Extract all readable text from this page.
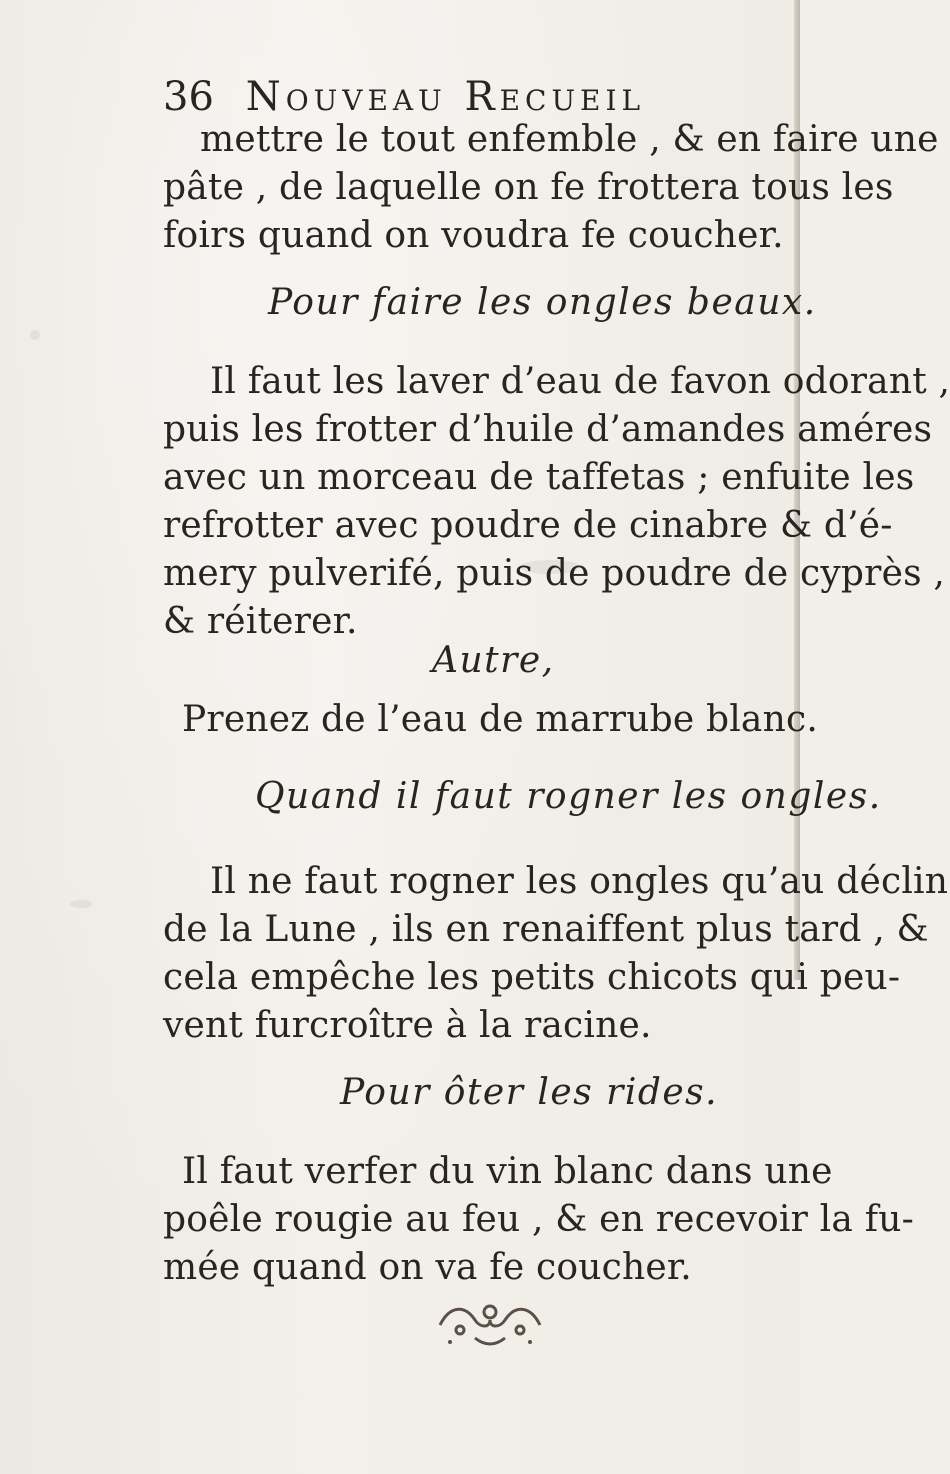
36 Nouveau Recueil
mettre le tout enfemble , & en faire une
pâte , de laquelle on fe frottera tous les
foirs quand on voudra fe coucher.
Pour faire les ongles beaux.
Il faut les laver d’eau de favon odorant ,
puis les frotter d’huile d’amandes améres
avec un morceau de taffetas ; enfuite les
refrotter avec poudre de cinabre & d’é-
mery pulverifé, puis de poudre de cyprès ,
& réiterer.
Autre,
Prenez de l’eau de marrube blanc.
Quand il faut rogner les ongles.
Il ne faut rogner les ongles qu’au déclin
de la Lune , ils en renaiffent plus tard , &
cela empêche les petits chicots qui peu-
vent furcroître à la racine.
Pour ôter les rides.
Il faut verfer du vin blanc dans une
poêle rougie au feu , & en recevoir la fu-
mée quand on va fe coucher.
